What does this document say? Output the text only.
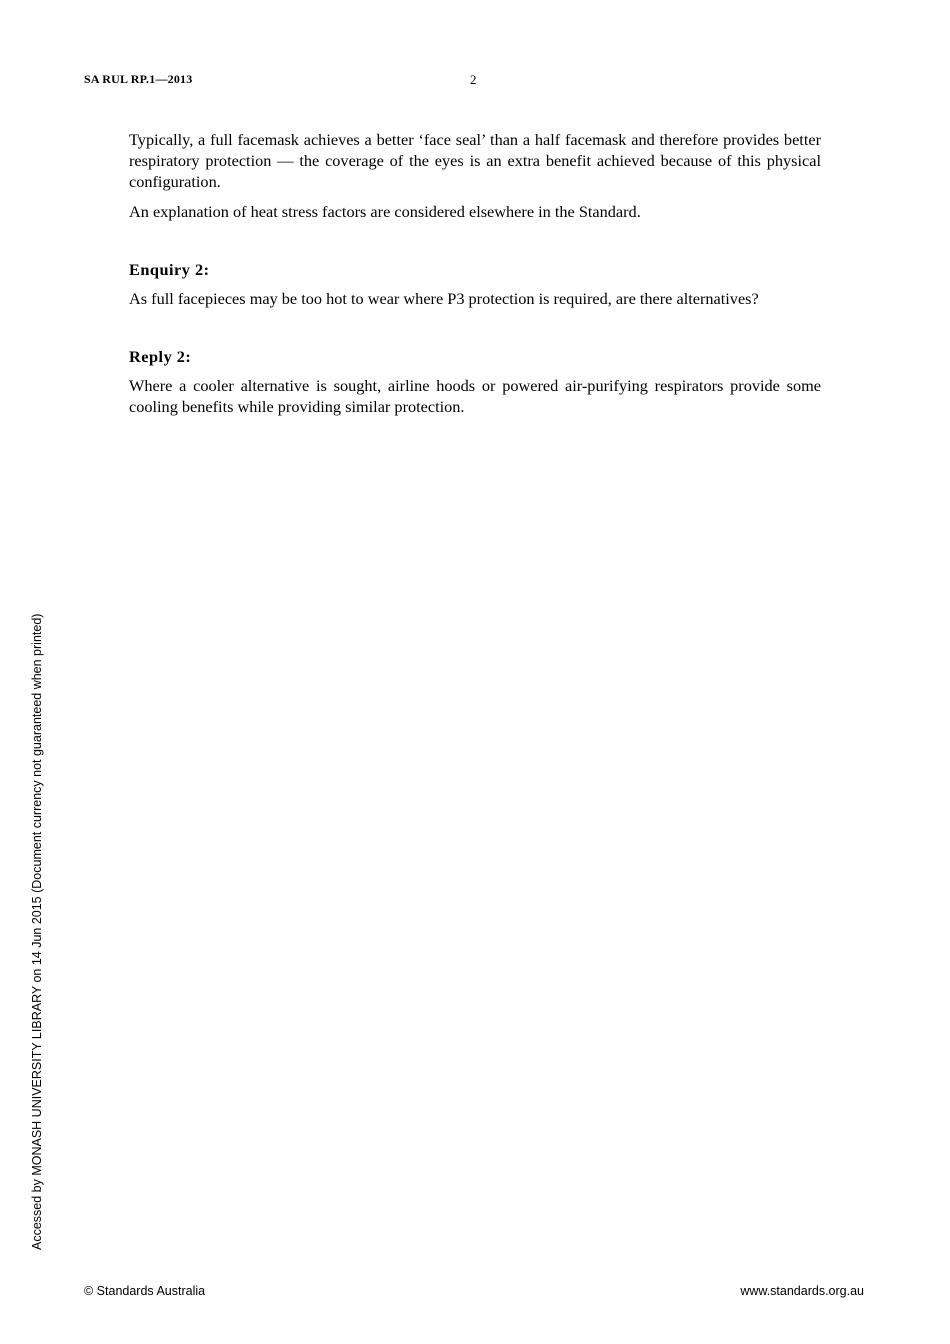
SA RUL RP.1—2013	2

Typically, a full facemask achieves a better ‘face seal’ than a half facemask and therefore provides better respiratory protection — the coverage of the eyes is an extra benefit achieved because of this physical configuration.

An explanation of heat stress factors are considered elsewhere in the Standard.

Enquiry 2:

As full facepieces may be too hot to wear where P3 protection is required, are there alternatives?

Reply 2:

Where a cooler alternative is sought, airline hoods or powered air-purifying respirators provide some cooling benefits while providing similar protection.

Accessed by MONASH UNIVERSITY LIBRARY on 14 Jun 2015 (Document currency not guaranteed when printed)
© Standards Australia	www.standards.org.au
